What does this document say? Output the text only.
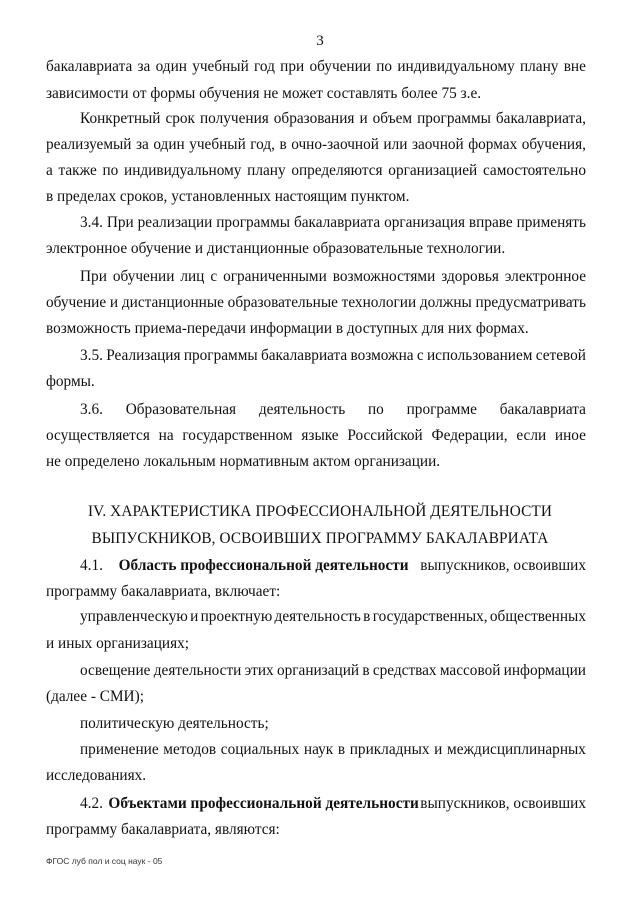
3
бакалавриата за один учебный год при обучении по индивидуальному плану вне
зависимости от формы обучения не может составлять более 75 з.е.
Конкретный срок получения образования и объем программы бакалавриата,
реализуемый за один учебный год, в очно-заочной или заочной формах обучения,
а также по индивидуальному плану определяются организацией самостоятельно
в пределах сроков, установленных настоящим пунктом.
3.4. При реализации программы бакалавриата организация вправе применять
электронное обучение и дистанционные образовательные технологии.
При обучении лиц с ограниченными возможностями здоровья электронное
обучение и дистанционные образовательные технологии должны предусматривать
возможность приема-передачи информации в доступных для них формах.
3.5. Реализация программы бакалавриата возможна с использованием сетевой
формы.
3.6. Образовательная деятельность по программе бакалавриата
осуществляется на государственном языке Российской Федерации, если иное
не определено локальным нормативным актом организации.
IV. ХАРАКТЕРИСТИКА ПРОФЕССИОНАЛЬНОЙ ДЕЯТЕЛЬНОСТИ
ВЫПУСКНИКОВ, ОСВОИВШИХ ПРОГРАММУ БАКАЛАВРИАТА
4.1. Область профессиональной деятельности выпускников, освоивших
программу бакалавриата, включает:
управленческую и проектную деятельность в государственных, общественных
и иных организациях;
освещение деятельности этих организаций в средствах массовой информации
(далее - СМИ);
политическую деятельность;
применение методов социальных наук в прикладных и междисциплинарных
исследованиях.
4.2. Объектами профессиональной деятельности выпускников, освоивших
программу бакалавриата, являются:
ФГОС луб пол и соц наук - 05
